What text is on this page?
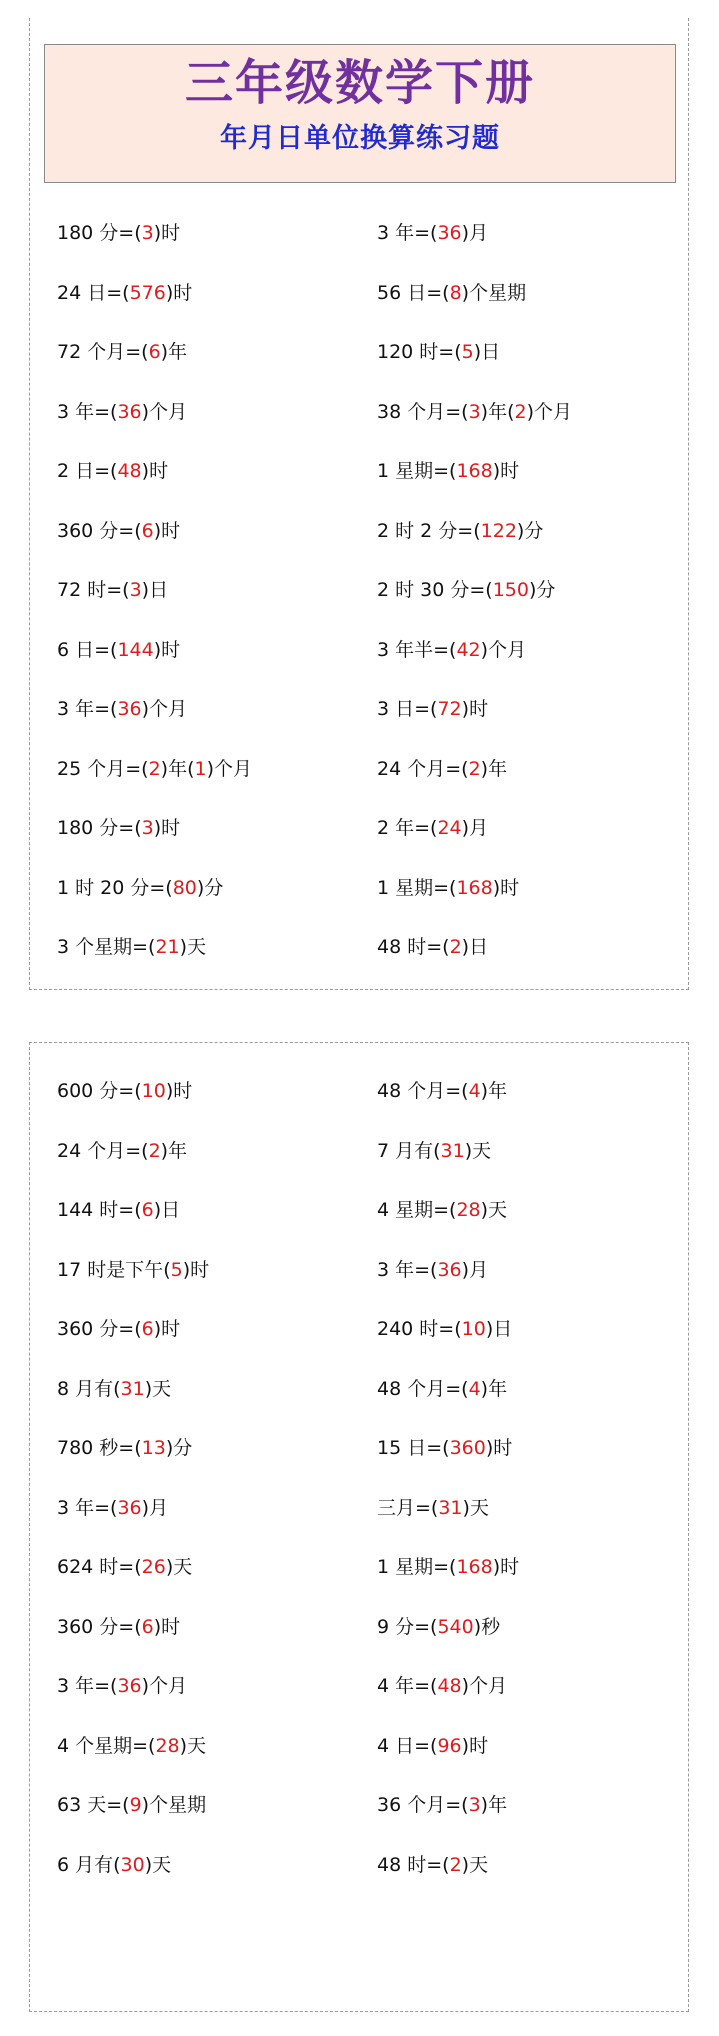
三年级数学下册
年月日单位换算练习题
180 分=(3)时	3 年=(36)月
24 日=(576)时	56 日=(8)个星期
72 个月=(6)年	120 时=(5)日
3 年=(36)个月	38 个月=(3)年(2)个月
2 日=(48)时	1 星期=(168)时
360 分=(6)时	2 时 2 分=(122)分
72 时=(3)日	2 时 30 分=(150)分
6 日=(144)时	3 年半=(42)个月
3 年=(36)个月	3 日=(72)时
25 个月=(2)年(1)个月	24 个月=(2)年
180 分=(3)时	2 年=(24)月
1 时 20 分=(80)分	1 星期=(168)时
3 个星期=(21)天	48 时=(2)日
600 分=(10)时	48 个月=(4)年
24 个月=(2)年	7 月有(31)天
144 时=(6)日	4 星期=(28)天
17 时是下午(5)时	3 年=(36)月
360 分=(6)时	240 时=(10)日
8 月有(31)天	48 个月=(4)年
780 秒=(13)分	15 日=(360)时
3 年=(36)月	三月=(31)天
624 时=(26)天	1 星期=(168)时
360 分=(6)时	9 分=(540)秒
3 年=(36)个月	4 年=(48)个月
4 个星期=(28)天	4 日=(96)时
63 天=(9)个星期	36 个月=(3)年
6 月有(30)天	48 时=(2)天
